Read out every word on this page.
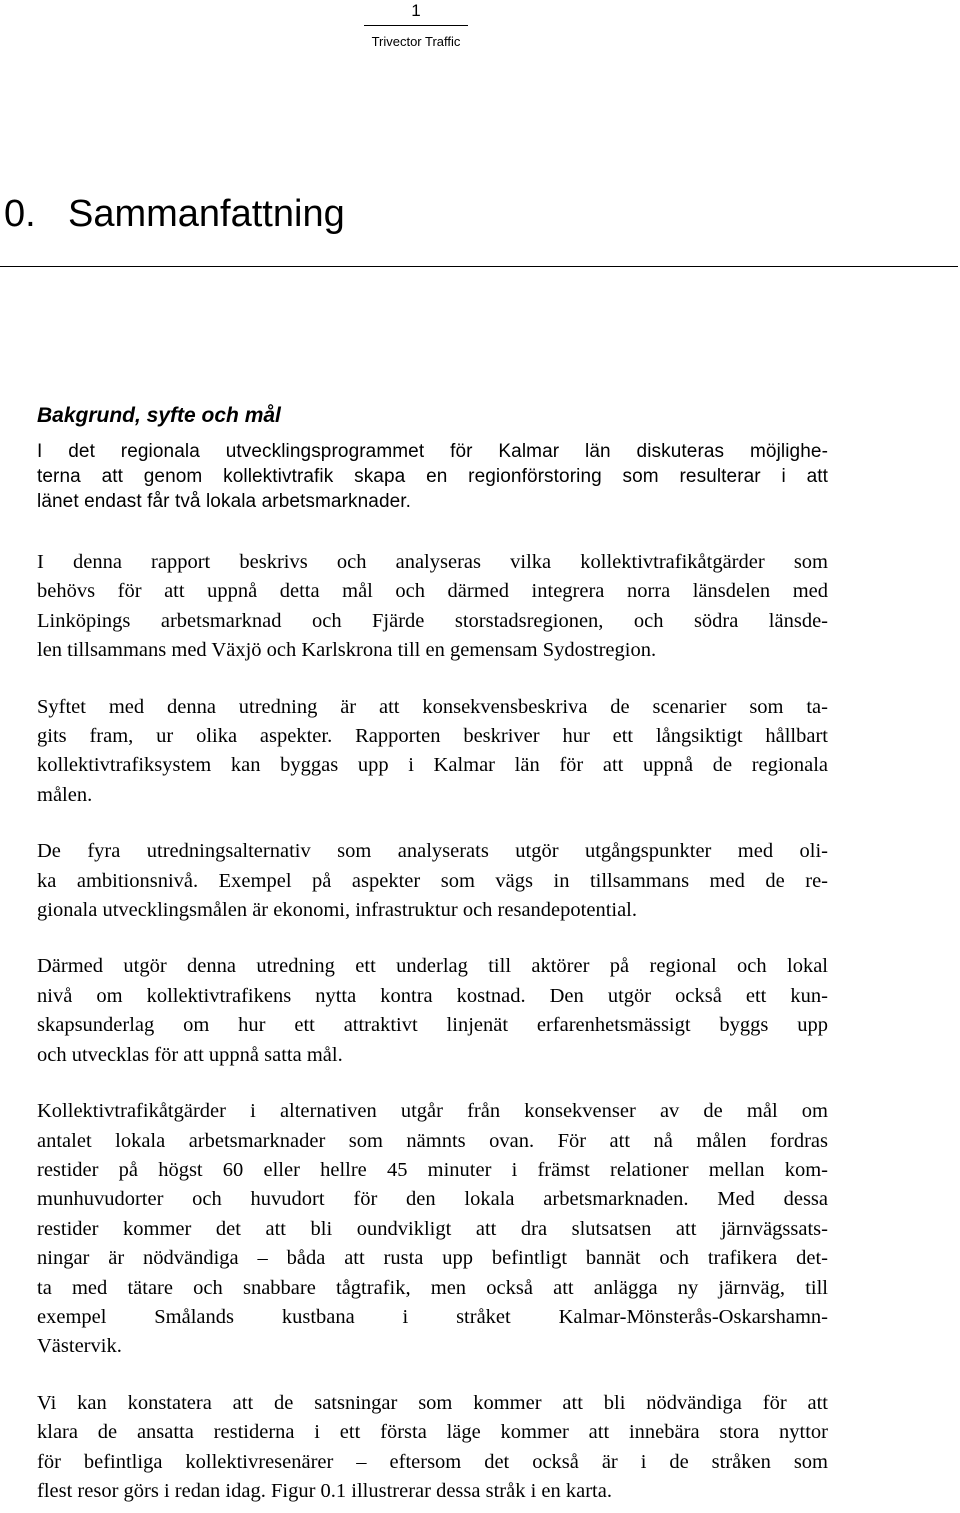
1
Trivector Traffic
0. Sammanfattning
Bakgrund, syfte och mål

I det regionala utvecklingsprogrammet för Kalmar län diskuteras möjlighe-
terna att genom kollektivtrafik skapa en regionförstoring som resulterar i att
länet endast får två lokala arbetsmarknader.

I denna rapport beskrivs och analyseras vilka kollektivtrafikåtgärder som
behövs för att uppnå detta mål och därmed integrera norra länsdelen med
Linköpings arbetsmarknad och Fjärde storstadsregionen, och södra länsde-
len tillsammans med Växjö och Karlskrona till en gemensam Sydostregion.

Syftet med denna utredning är att konsekvensbeskriva de scenarier som ta-
gits fram, ur olika aspekter. Rapporten beskriver hur ett långsiktigt hållbart
kollektivtrafiksystem kan byggas upp i Kalmar län för att uppnå de regionala
målen.

De fyra utredningsalternativ som analyserats utgör utgångspunkter med oli-
ka ambitionsnivå. Exempel på aspekter som vägs in tillsammans med de re-
gionala utvecklingsmålen är ekonomi, infrastruktur och resandepotential.

Därmed utgör denna utredning ett underlag till aktörer på regional och lokal
nivå om kollektivtrafikens nytta kontra kostnad. Den utgör också ett kun-
skapsunderlag om hur ett attraktivt linjenät erfarenhetsmässigt byggs upp
och utvecklas för att uppnå satta mål.

Kollektivtrafikåtgärder i alternativen utgår från konsekvenser av de mål om
antalet lokala arbetsmarknader som nämnts ovan. För att nå målen fordras
restider på högst 60 eller hellre 45 minuter i främst relationer mellan kom-
munhuvudorter och huvudort för den lokala arbetsmarknaden. Med dessa
restider kommer det att bli oundvikligt att dra slutsatsen att järnvägssats-
ningar är nödvändiga – båda att rusta upp befintligt bannät och trafikera det-
ta med tätare och snabbare tågtrafik, men också att anlägga ny järnväg, till
exempel Smålands kustbana i stråket Kalmar-Mönsterås-Oskarshamn-
Västervik.

Vi kan konstatera att de satsningar som kommer att bli nödvändiga för att
klara de ansatta restiderna i ett första läge kommer att innebära stora nyttor
för befintliga kollektivresenärer – eftersom det också är i de stråken som
flest resor görs i redan idag. Figur 0.1 illustrerar dessa stråk i en karta.
